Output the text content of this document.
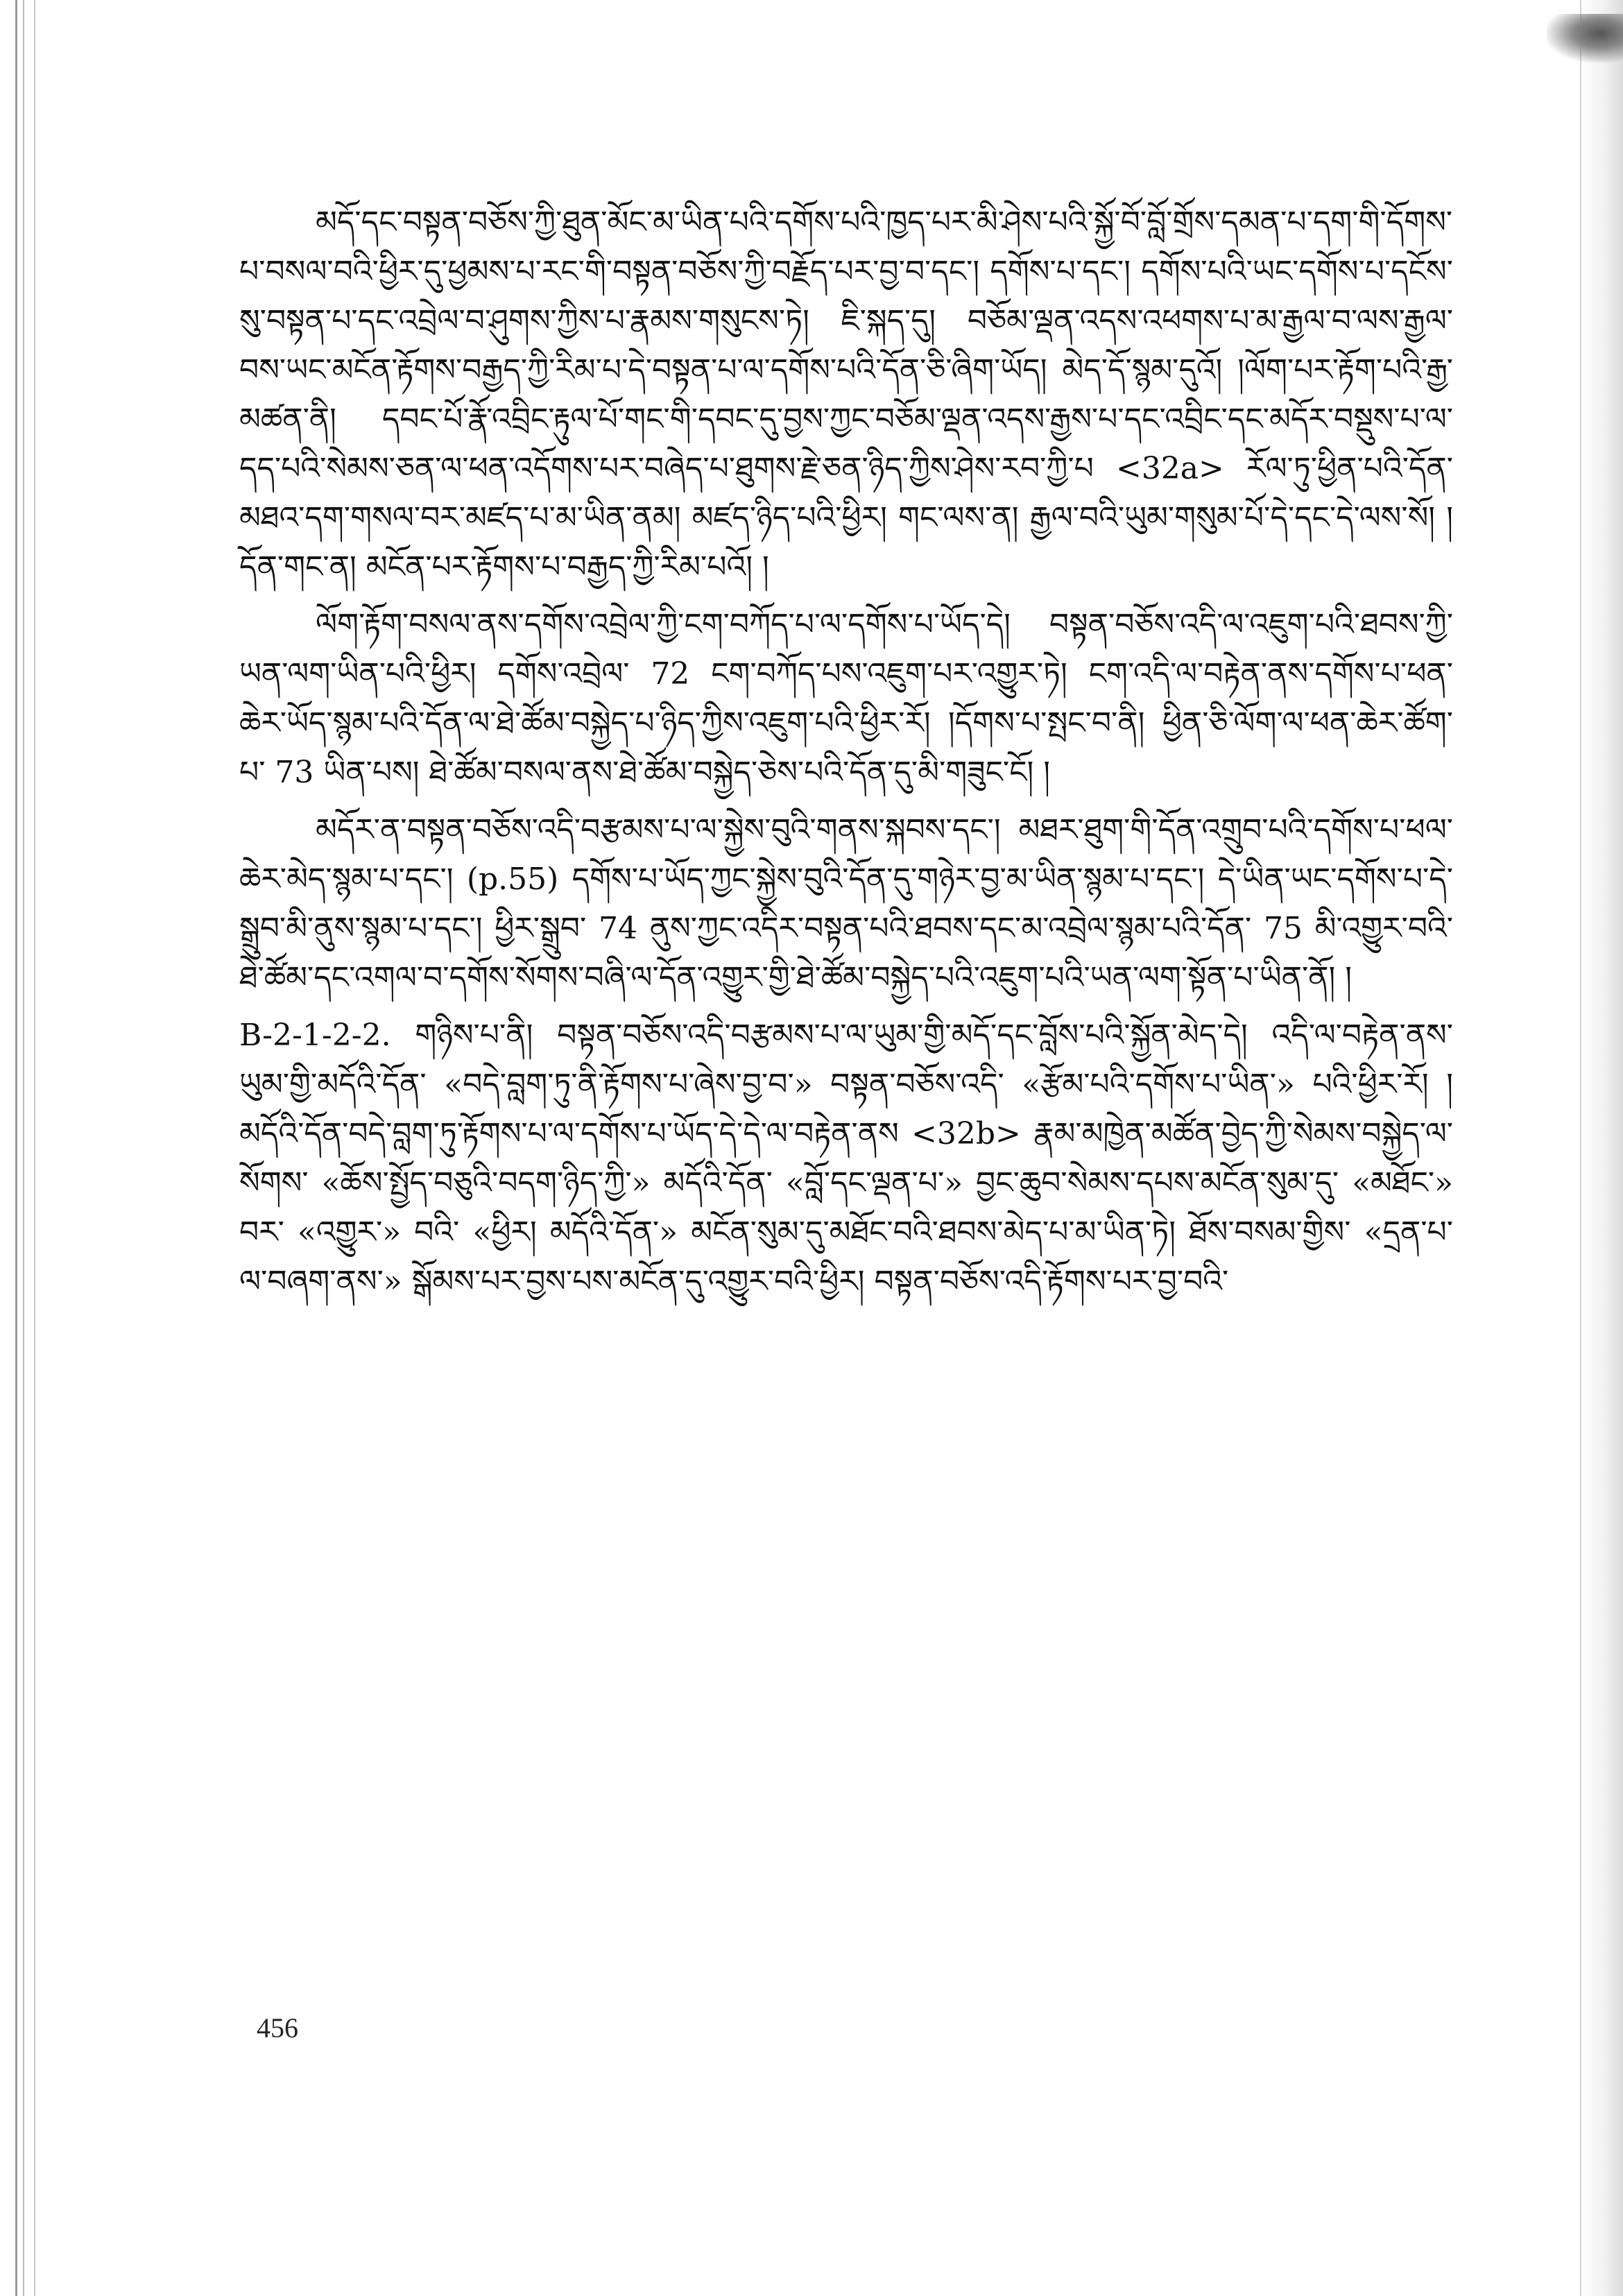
མདོ་དང་བསྟན་བཅོས་ཀྱི་ཐུན་མོང་མ་ཡིན་པའི་དགོས་པའི་ཁྱད་པར་མི་ཤེས་པའི་སྐྱོ་བོ་བློ་གྲོས་དམན་པ་དག་གི་དོགས་པ་བསལ་བའི་ཕྱིར་དུ་ཕྱམས་པ་རང་གི་བསྟན་བཅོས་ཀྱི་བརྗོད་པར་བྱ་བ་དང་། དགོས་པ་དང་། དགོས་པའི་ཡང་དགོས་པ་དངོས་སུ་བསྟན་པ་དང་འབྲེལ་བ་ཤུགས་ཀྱིས་པ་རྣམས་གསུངས་ཏེ། ཇི་སྐད་དུ། བཅོམ་ལྡན་འདས་འཕགས་པ་མ་རྒྱལ་བ་ལས་རྒྱལ་བས་ཡང་མངོན་རྟོགས་བརྒྱད་ཀྱི་རིམ་པ་དེ་བསྟན་པ་ལ་དགོས་པའི་དོན་ཅི་ཞིག་ཡོད། མེད་དོ་སྙམ་དུའོ། །ལོག་པར་རྟོག་པའི་རྒྱ་མཚན་ནི། དབང་པོ་རྣོ་འབྲིང་རྟུལ་པོ་གང་གི་དབང་དུ་བྱས་ཀྱང་བཅོམ་ལྡན་འདས་རྒྱས་པ་དང་འབྲིང་དང་མདོར་བསྡུས་པ་ལ་དད་པའི་སེམས་ཅན་ལ་ཕན་འདོགས་པར་བཞེད་པ་ཐུགས་རྗེ་ཅན་ཉིད་ཀྱིས་ཤེས་རབ་ཀྱི་པ <32a> རོལ་ཏུ་ཕྱིན་པའི་དོན་མཐའ་དག་གསལ་བར་མཛད་པ་མ་ཡིན་ནམ། མཛད་ཉིད་པའི་ཕྱིར། གང་ལས་ན། རྒྱལ་བའི་ཡུམ་གསུམ་པོ་དེ་དང་དེ་ལས་སོ། །དོན་གང་ན། མངོན་པར་རྟོགས་པ་བརྒྱད་ཀྱི་རིམ་པའོ། །

ལོག་རྟོག་བསལ་ནས་དགོས་འབྲེལ་ཀྱི་ངག་བཀོད་པ་ལ་དགོས་པ་ཡོད་དེ། བསྟན་བཅོས་འདི་ལ་འཇུག་པའི་ཐབས་ཀྱི་ཡན་ལག་ཡིན་པའི་ཕྱིར། དགོས་འབྲེལ་ 72 ངག་བཀོད་པས་འཇུག་པར་འགྱུར་ཏེ། ངག་འདི་ལ་བརྟེན་ནས་དགོས་པ་ཕན་ཆེར་ཡོད་སྙམ་པའི་དོན་ལ་ཐེ་ཚོམ་བསྐྱེད་པ་ཉིད་ཀྱིས་འཇུག་པའི་ཕྱིར་རོ། །དོགས་པ་སྤང་བ་ནི། ཕྱིན་ཅི་ལོག་ལ་ཕན་ཆེར་ཚོག་པ་ 73 ཡིན་པས། ཐེ་ཚོམ་བསལ་ནས་ཐེ་ཚོམ་བསྐྱེད་ཅེས་པའི་དོན་དུ་མི་གཟུང་ངོ། །

མདོར་ན་བསྟན་བཅོས་འདི་བརྩམས་པ་ལ་སྐྱེས་བུའི་གནས་སྐབས་དང་། མཐར་ཐུག་གི་དོན་འགྲུབ་པའི་དགོས་པ་ཕལ་ཆེར་མེད་སྙམ་པ་དང་། (p.55) དགོས་པ་ཡོད་ཀྱང་སྐྱེས་བུའི་དོན་དུ་གཉེར་བྱ་མ་ཡིན་སྙམ་པ་དང་། དེ་ཡིན་ཡང་དགོས་པ་དེ་སྒྲུབ་མི་ནུས་སྙམ་པ་དང་། ཕྱིར་སྒྲུབ་ 74 ནུས་ཀྱང་འདིར་བསྟན་པའི་ཐབས་དང་མ་འབྲེལ་སྙམ་པའི་དོན་ 75 མི་འགྱུར་བའི་ཐེ་ཚོམ་དང་འགལ་བ་དགོས་སོགས་བཞི་ལ་དོན་འགྱུར་གྱི་ཐེ་ཚོམ་བསྐྱེད་པའི་འཇུག་པའི་ཡན་ལག་སྟོན་པ་ཡིན་ནོ། །

B-2-1-2-2. གཉིས་པ་ནི། བསྟན་བཅོས་འདི་བརྩམས་པ་ལ་ཡུམ་གྱི་མདོ་དང་བློས་པའི་སྐྱོན་མེད་དེ། འདི་ལ་བརྟེན་ནས་ཡུམ་གྱི་མདོའི་དོན་ «བདེ་བླག་ཏུ་ནི་རྟོགས་པ་ཞེས་བྱ་བ་» བསྟན་བཅོས་འདི་ «རྩོམ་པའི་དགོས་པ་ཡིན་» པའི་ཕྱིར་རོ། །མདོའི་དོན་བདེ་བླག་ཏུ་རྟོགས་པ་ལ་དགོས་པ་ཡོད་དེ་དེ་ལ་བརྟེན་ནས <32b> རྣམ་མཁྱེན་མཚོན་བྱེད་ཀྱི་སེམས་བསྐྱེད་ལ་སོགས་ «ཆོས་སྤྱོད་བཅུའི་བདག་ཉིད་ཀྱི་» མདོའི་དོན་ «བློ་དང་ལྡན་པ་» བྱང་ཆུབ་སེམས་དཔས་མངོན་སུམ་དུ་ «མཐོང་» བར་ «འགྱུར་» བའི་ «ཕྱིར། མདོའི་དོན་» མངོན་སུམ་དུ་མཐོང་བའི་ཐབས་མེད་པ་མ་ཡིན་ཏེ། ཐོས་བསམ་གྱིས་ «དྲན་པ་ལ་བཞག་ནས་» སྒོམས་པར་བྱས་པས་མངོན་དུ་འགྱུར་བའི་ཕྱིར། བསྟན་བཅོས་འདི་རྟོགས་པར་བྱ་བའི་

456
